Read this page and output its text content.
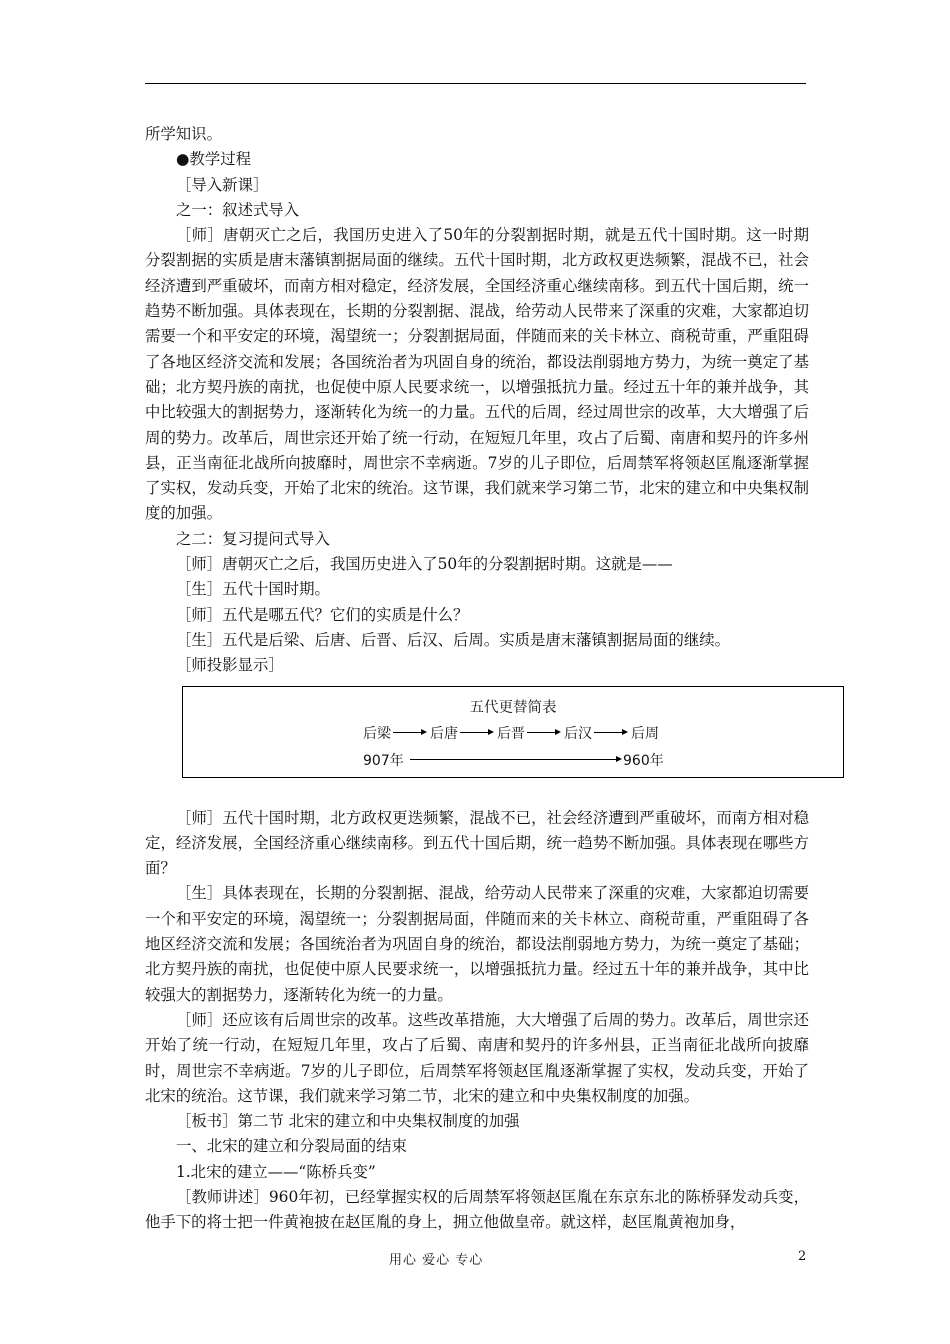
所学知识。

●教学过程

［导入新课］

之一：叙述式导入

［师］唐朝灭亡之后，我国历史进入了50年的分裂割据时期，就是五代十国时期。这一时期分裂割据的实质是唐末藩镇割据局面的继续。五代十国时期，北方政权更迭频繁，混战不已，社会经济遭到严重破坏，而南方相对稳定，经济发展，全国经济重心继续南移。到五代十国后期，统一趋势不断加强。具体表现在，长期的分裂割据、混战，给劳动人民带来了深重的灾难，大家都迫切需要一个和平安定的环境，渴望统一；分裂割据局面，伴随而来的关卡林立、商税苛重，严重阻碍了各地区经济交流和发展；各国统治者为巩固自身的统治，都设法削弱地方势力，为统一奠定了基础；北方契丹族的南扰，也促使中原人民要求统一，以增强抵抗力量。经过五十年的兼并战争，其中比较强大的割据势力，逐渐转化为统一的力量。五代的后周，经过周世宗的改革，大大增强了后周的势力。改革后，周世宗还开始了统一行动，在短短几年里，攻占了后蜀、南唐和契丹的许多州县，正当南征北战所向披靡时，周世宗不幸病逝。7岁的儿子即位，后周禁军将领赵匡胤逐渐掌握了实权，发动兵变，开始了北宋的统治。这节课，我们就来学习第二节，北宋的建立和中央集权制度的加强。

之二：复习提问式导入

［师］唐朝灭亡之后，我国历史进入了50年的分裂割据时期。这就是——

［生］五代十国时期。

［师］五代是哪五代？它们的实质是什么？

［生］五代是后梁、后唐、后晋、后汉、后周。实质是唐末藩镇割据局面的继续。

［师投影显示］

五代更替简表
后梁	后唐	后晋	后汉	后周
907年	960年

［师］五代十国时期，北方政权更迭频繁，混战不已，社会经济遭到严重破坏，而南方相对稳定，经济发展，全国经济重心继续南移。到五代十国后期，统一趋势不断加强。具体表现在哪些方面？

［生］具体表现在，长期的分裂割据、混战，给劳动人民带来了深重的灾难，大家都迫切需要一个和平安定的环境，渴望统一；分裂割据局面，伴随而来的关卡林立、商税苛重，严重阻碍了各地区经济交流和发展；各国统治者为巩固自身的统治，都设法削弱地方势力，为统一奠定了基础；北方契丹族的南扰，也促使中原人民要求统一，以增强抵抗力量。经过五十年的兼并战争，其中比较强大的割据势力，逐渐转化为统一的力量。

［师］还应该有后周世宗的改革。这些改革措施，大大增强了后周的势力。改革后，周世宗还开始了统一行动，在短短几年里，攻占了后蜀、南唐和契丹的许多州县，正当南征北战所向披靡时，周世宗不幸病逝。7岁的儿子即位，后周禁军将领赵匡胤逐渐掌握了实权，发动兵变，开始了北宋的统治。这节课，我们就来学习第二节，北宋的建立和中央集权制度的加强。

［板书］第二节 北宋的建立和中央集权制度的加强

一、北宋的建立和分裂局面的结束

1.北宋的建立——“陈桥兵变”

［教师讲述］960年初，已经掌握实权的后周禁军将领赵匡胤在东京东北的陈桥驿发动兵变，他手下的将士把一件黄袍披在赵匡胤的身上，拥立他做皇帝。就这样，赵匡胤黄袍加身，

用心 爱心 专心	2
